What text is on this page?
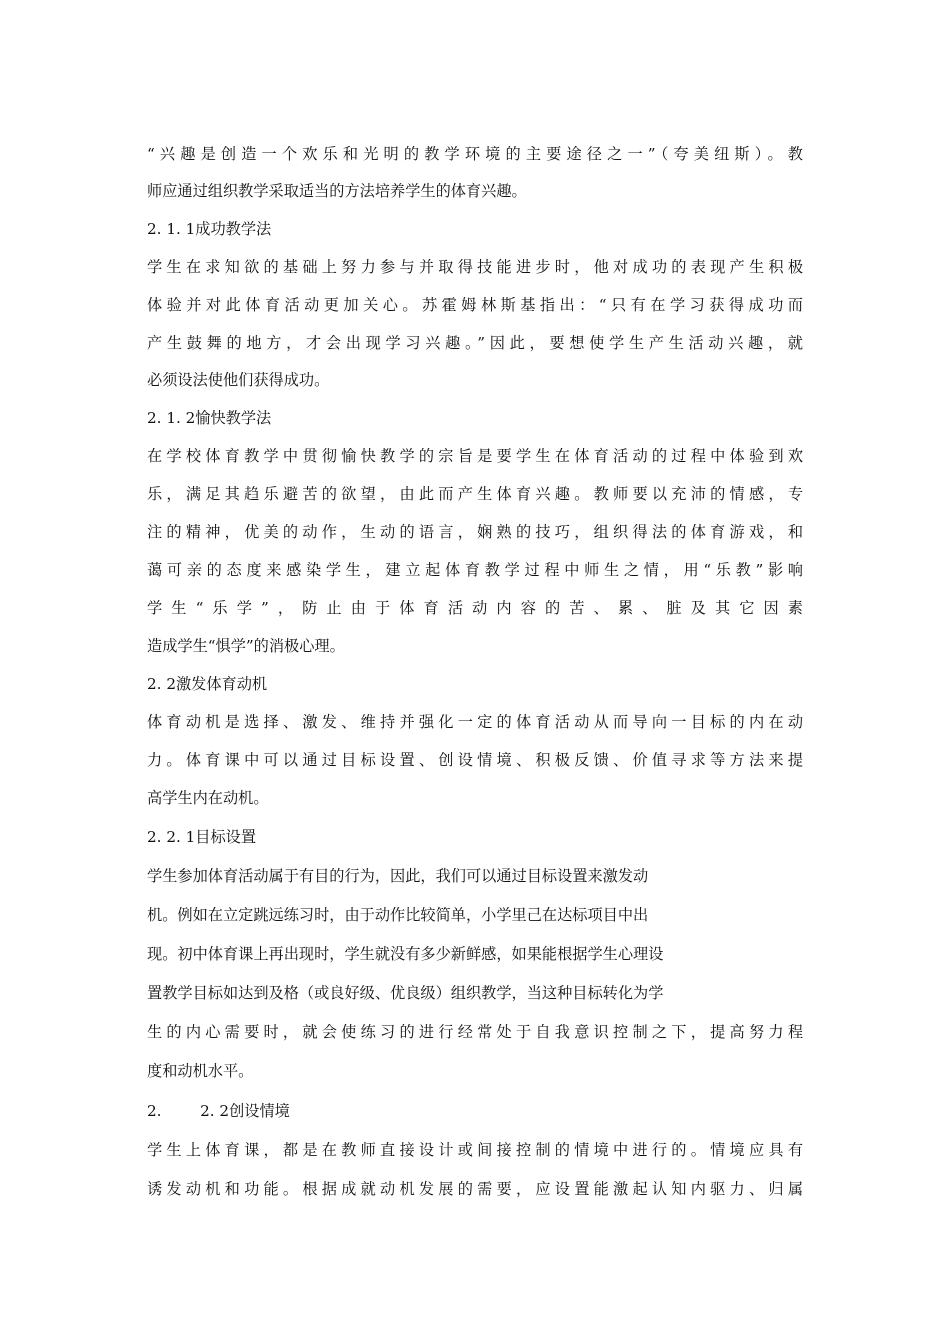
“兴趣是创造一个欢乐和光明的教学环境的主要途径之一”（夸美纽斯）。教
师应通过组织教学采取适当的方法培养学生的体育兴趣。
2. 1. 1成功教学法
学生在求知欲的基础上努力参与并取得技能进步时，他对成功的表现产生积极
体验并对此体育活动更加关心。苏霍姆林斯基指出：“只有在学习获得成功而
产生鼓舞的地方，才会出现学习兴趣。”因此，要想使学生产生活动兴趣，就
必须设法使他们获得成功。
2. 1. 2愉快教学法
在学校体育教学中贯彻愉快教学的宗旨是要学生在体育活动的过程中体验到欢
乐，满足其趋乐避苦的欲望，由此而产生体育兴趣。教师要以充沛的情感，专
注的精神，优美的动作，生动的语言，娴熟的技巧，组织得法的体育游戏，和
蔼可亲的态度来感染学生，建立起体育教学过程中师生之情，用“乐教”影响
学生“乐学”，防止由于体育活动内容的苦、累、脏及其它因素
造成学生“惧学”的消极心理。
2. 2激发体育动机
体育动机是选择、激发、维持并强化一定的体育活动从而导向一目标的内在动
力。体育课中可以通过目标设置、创设情境、积极反馈、价值寻求等方法来提
高学生内在动机。
2. 2. 1目标设置
学生参加体育活动属于有目的行为，因此，我们可以通过目标设置来激发动
机。例如在立定跳远练习时，由于动作比较简单，小学里己在达标项目中出
现。初中体育课上再出现时，学生就没有多少新鲜感，如果能根据学生心理设
置教学目标如达到及格（或良好级、优良级）组织教学，当这种目标转化为学
生的内心需要时，就会使练习的进行经常处于自我意识控制之下，提高努力程
度和动机水平。
2.        2. 2创设情境
学生上体育课，都是在教师直接设计或间接控制的情境中进行的。情境应具有
诱发动机和功能。根据成就动机发展的需要，应设置能激起认知内驱力、归属
